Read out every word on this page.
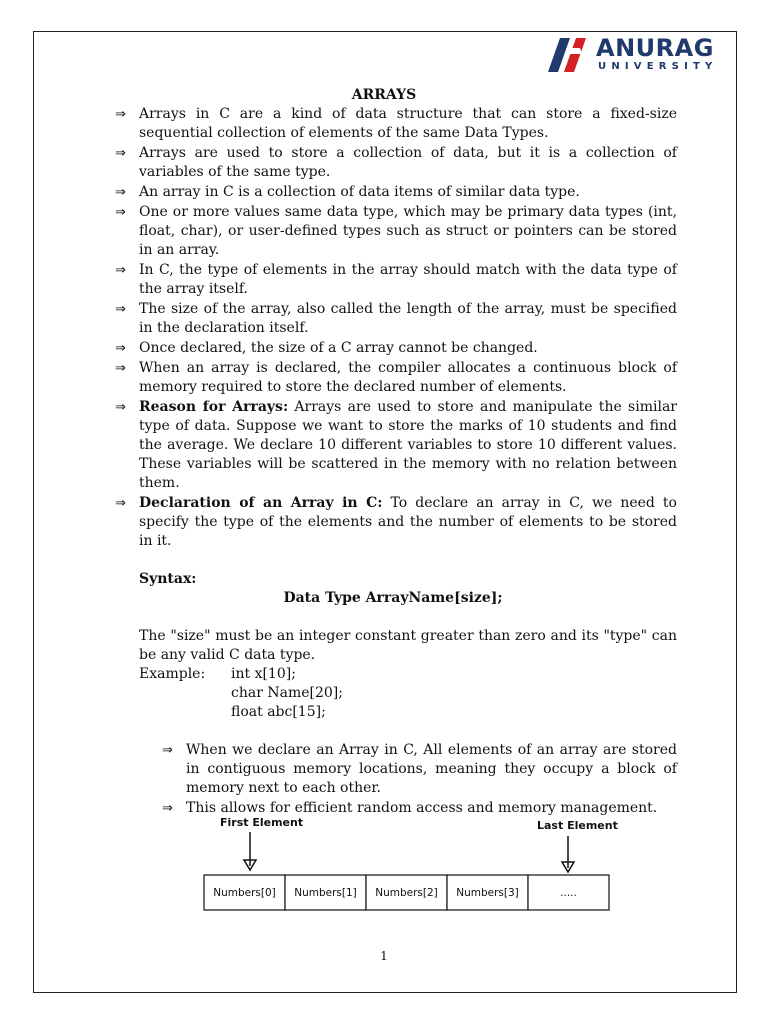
ANURAG
UNIVERSITY
ARRAYS
⇒ Arrays in C are a kind of data structure that can store a fixed-size sequential collection of elements of the same Data Types.
⇒ Arrays are used to store a collection of data, but it is a collection of variables of the same type.
⇒ An array in C is a collection of data items of similar data type.
⇒ One or more values same data type, which may be primary data types (int, float, char), or user-defined types such as struct or pointers can be stored in an array.
⇒ In C, the type of elements in the array should match with the data type of the array itself.
⇒ The size of the array, also called the length of the array, must be specified in the declaration itself.
⇒ Once declared, the size of a C array cannot be changed.
⇒ When an array is declared, the compiler allocates a continuous block of memory required to store the declared number of elements.
⇒ Reason for Arrays: Arrays are used to store and manipulate the similar type of data. Suppose we want to store the marks of 10 students and find the average. We declare 10 different variables to store 10 different values. These variables will be scattered in the memory with no relation between them.
⇒ Declaration of an Array in C: To declare an array in C, we need to specify the type of the elements and the number of elements to be stored in it.
Syntax:
Data Type ArrayName[size];
The "size" must be an integer constant greater than zero and its "type" can be any valid C data type.
Example:	int x[10];
char Name[20];
float abc[15];
⇒ When we declare an Array in C, All elements of an array are stored in contiguous memory locations, meaning they occupy a block of memory next to each other.
⇒ This allows for efficient random access and memory management.
First Element	Last Element
Numbers[0] Numbers[1] Numbers[2] Numbers[3]	.....
1
